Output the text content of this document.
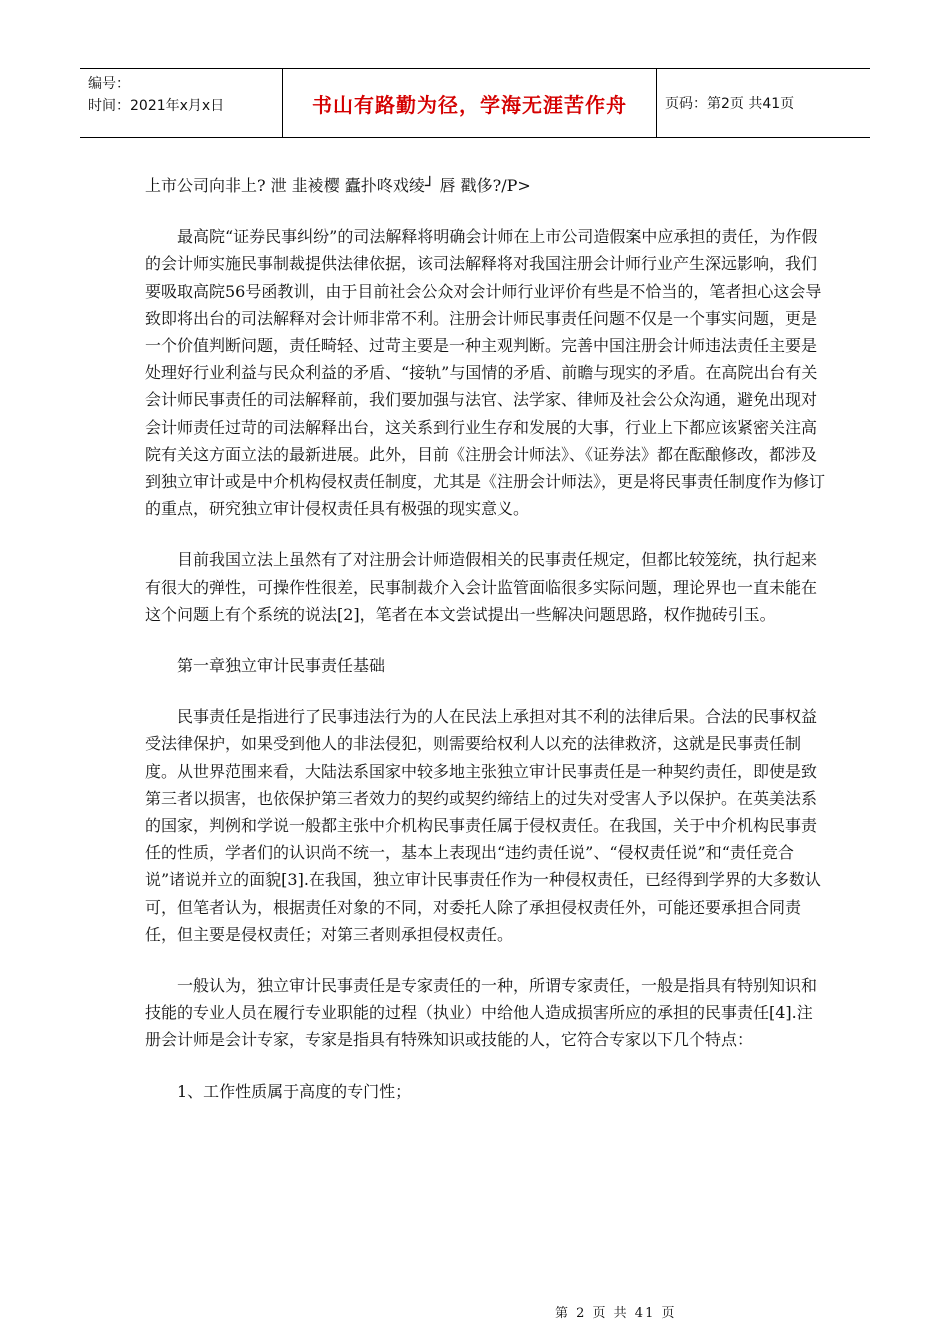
编号：
时间：2021年x月x日	书山有路勤为径，学海无涯苦作舟	页码：第2页 共41页

上市公司向非上? 泄 韭裬樱 蠹扑咚戏绫┘ 唇 戳侈?/P>

最高院“证券民事纠纷”的司法解释将明确会计师在上市公司造假案中应承担的责任，为作假的会计师实施民事制裁提供法律依据，该司法解释将对我国注册会计师行业产生深远影响，我们要吸取高院56号函教训，由于目前社会公众对会计师行业评价有些是不恰当的，笔者担心这会导致即将出台的司法解释对会计师非常不利。注册会计师民事责任问题不仅是一个事实问题，更是一个价值判断问题，责任畸轻、过苛主要是一种主观判断。完善中国注册会计师违法责任主要是处理好行业利益与民众利益的矛盾、“接轨”与国情的矛盾、前瞻与现实的矛盾。在高院出台有关会计师民事责任的司法解释前，我们要加强与法官、法学家、律师及社会公众沟通，避免出现对会计师责任过苛的司法解释出台，这关系到行业生存和发展的大事，行业上下都应该紧密关注高院有关这方面立法的最新进展。此外，目前《注册会计师法》、《证券法》都在酝酿修改，都涉及到独立审计或是中介机构侵权责任制度，尤其是《注册会计师法》，更是将民事责任制度作为修订的重点，研究独立审计侵权责任具有极强的现实意义。

目前我国立法上虽然有了对注册会计师造假相关的民事责任规定，但都比较笼统，执行起来有很大的弹性，可操作性很差，民事制裁介入会计监管面临很多实际问题，理论界也一直未能在这个问题上有个系统的说法[2]，笔者在本文尝试提出一些解决问题思路，权作抛砖引玉。

第一章独立审计民事责任基础

民事责任是指进行了民事违法行为的人在民法上承担对其不利的法律后果。合法的民事权益受法律保护，如果受到他人的非法侵犯，则需要给权利人以充的法律救济，这就是民事责任制度。从世界范围来看，大陆法系国家中较多地主张独立审计民事责任是一种契约责任，即使是致第三者以损害，也依保护第三者效力的契约或契约缔结上的过失对受害人予以保护。在英美法系的国家，判例和学说一般都主张中介机构民事责任属于侵权责任。在我国，关于中介机构民事责任的性质，学者们的认识尚不统一，基本上表现出“违约责任说”、“侵权责任说”和“责任竞合说”诸说并立的面貌[3].在我国，独立审计民事责任作为一种侵权责任，已经得到学界的大多数认可，但笔者认为，根据责任对象的不同，对委托人除了承担侵权责任外，可能还要承担合同责任，但主要是侵权责任；对第三者则承担侵权责任。

一般认为，独立审计民事责任是专家责任的一种，所谓专家责任，一般是指具有特别知识和技能的专业人员在履行专业职能的过程（执业）中给他人造成损害所应的承担的民事责任[4].注册会计师是会计专家，专家是指具有特殊知识或技能的人，它符合专家以下几个特点：

1、工作性质属于高度的专门性；

第 2 页 共 41 页
